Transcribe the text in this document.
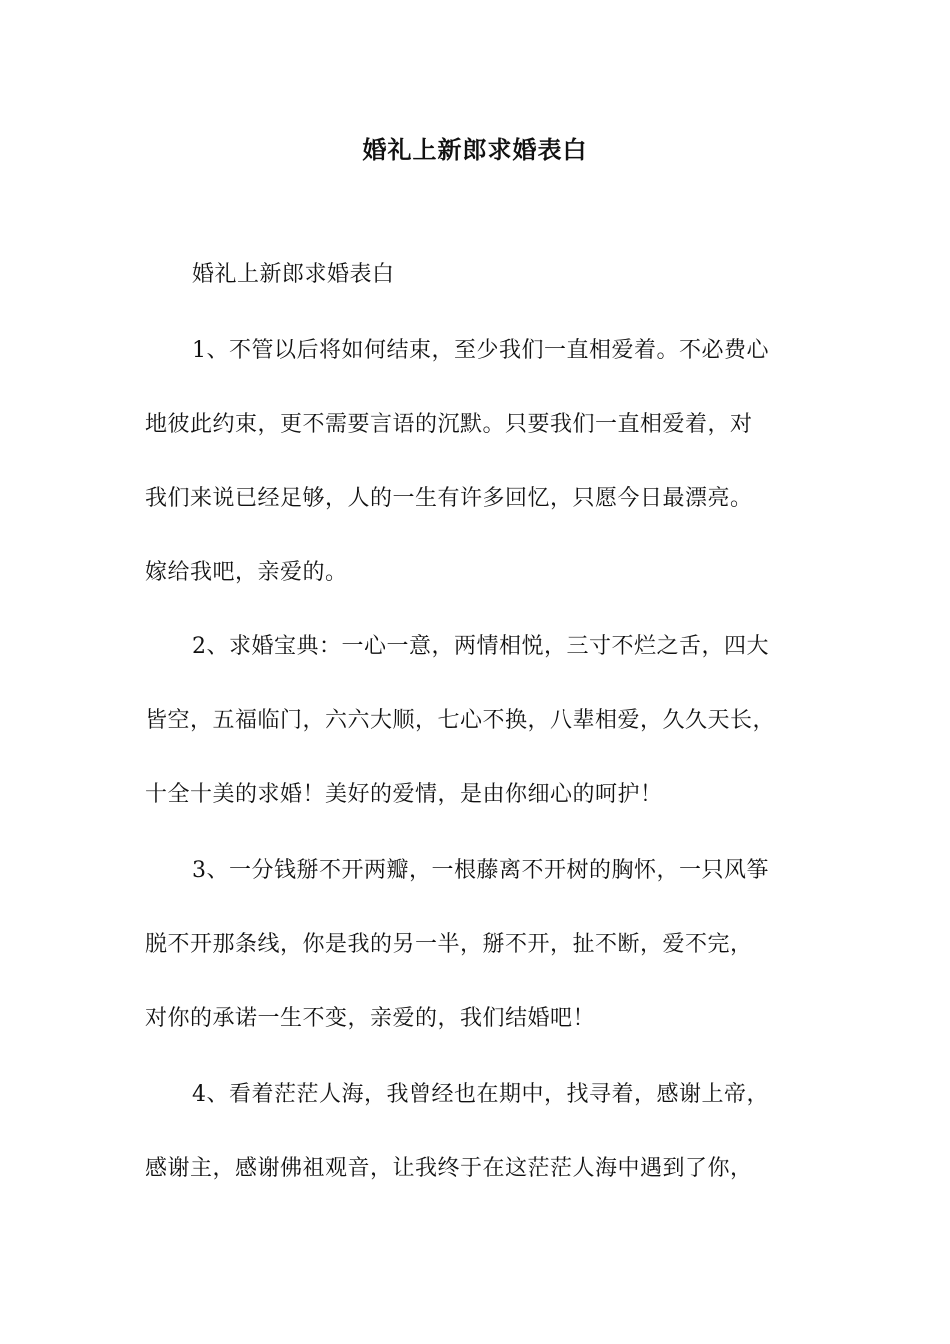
婚礼上新郎求婚表白
婚礼上新郎求婚表白
1、不管以后将如何结束，至少我们一直相爱着。不必费心
地彼此约束，更不需要言语的沉默。只要我们一直相爱着，对
我们来说已经足够，人的一生有许多回忆，只愿今日最漂亮。
嫁给我吧，亲爱的。
2、求婚宝典：一心一意，两情相悦，三寸不烂之舌，四大
皆空，五福临门，六六大顺，七心不换，八辈相爱，久久天长，
十全十美的求婚！美好的爱情，是由你细心的呵护！
3、一分钱掰不开两瓣，一根藤离不开树的胸怀，一只风筝
脱不开那条线，你是我的另一半，掰不开，扯不断，爱不完，
对你的承诺一生不变，亲爱的，我们结婚吧！
4、看着茫茫人海，我曾经也在期中，找寻着，感谢上帝，
感谢主，感谢佛祖观音，让我终于在这茫茫人海中遇到了你，
